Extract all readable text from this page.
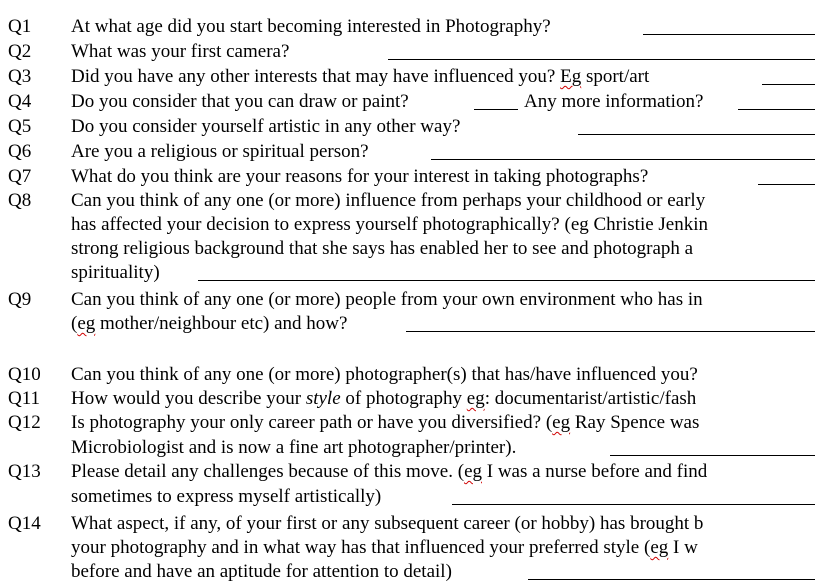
Q1 At what age did you start becoming interested in Photography?
Q2 What was your first camera?
Q3 Did you have any other interests that may have influenced you? Eg sport/art
Q4 Do you consider that you can draw or paint?	Any more information?
Q5 Do you consider yourself artistic in any other way?
Q6 Are you a religious or spiritual person?
Q7 What do you think are your reasons for your interest in taking photographs?
Q8 Can you think of any one (or more) influence from perhaps your childhood or early
has affected your decision to express yourself photographically? (eg Christie Jenkin
strong religious background that she says has enabled her to see and photograph a
spirituality)
Q9 Can you think of any one (or more) people from your own environment who has in
(eg mother/neighbour etc) and how?
Q10 Can you think of any one (or more) photographer(s) that has/have influenced you?
Q11 How would you describe your style of photography eg: documentarist/artistic/fash
Q12 Is photography your only career path or have you diversified? (eg Ray Spence was
Microbiologist and is now a fine art photographer/printer).
Q13 Please detail any challenges because of this move. (eg I was a nurse before and find
sometimes to express myself artistically)
Q14 What aspect, if any, of your first or any subsequent career (or hobby) has brought b
your photography and in what way has that influenced your preferred style (eg I w
before and have an aptitude for attention to detail)
